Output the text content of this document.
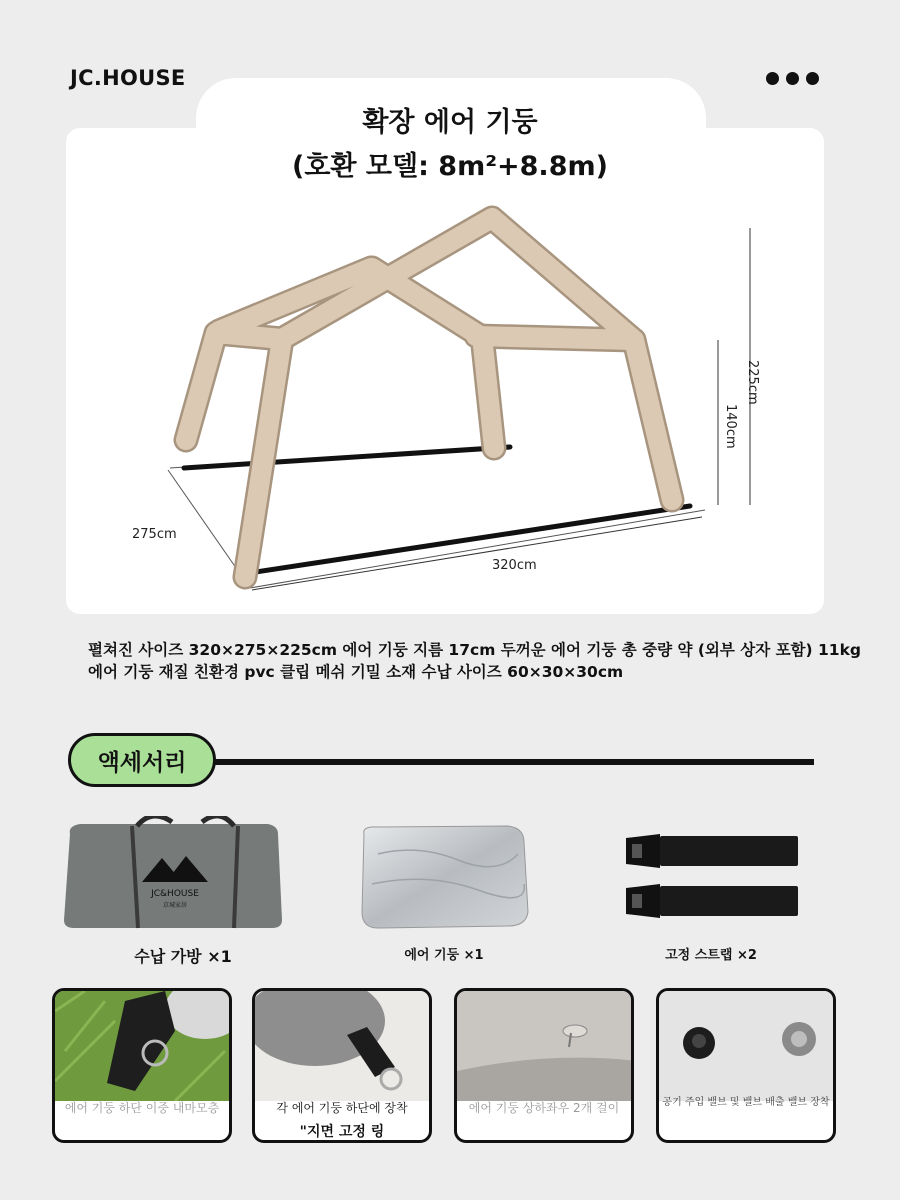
JC.HOUSE
확장 에어 기둥
(호환 모델: 8m²+8.8m)
225cm
140cm
275cm
320cm
펼쳐진 사이즈 320×275×225cm 에어 기둥 지름 17cm 두꺼운 에어 기둥 총 중량 약 (외부 상자 포함) 11kg
에어 기둥 재질 친환경 pvc 클립 메쉬 기밀 소재 수납 사이즈 60×30×30cm
액세서리
JC&HOUSE
京城家居
수납 가방 ×1	에어 기둥 ×1	고정 스트랩 ×2
에어 기둥 하단 이중 내마모층	각 에어 기둥 하단에 장착
"지면 고정 링
에어 기둥 상하좌우 2개 걸이	공기 주입 밸브 및 밸브 배출 밸브 장착
